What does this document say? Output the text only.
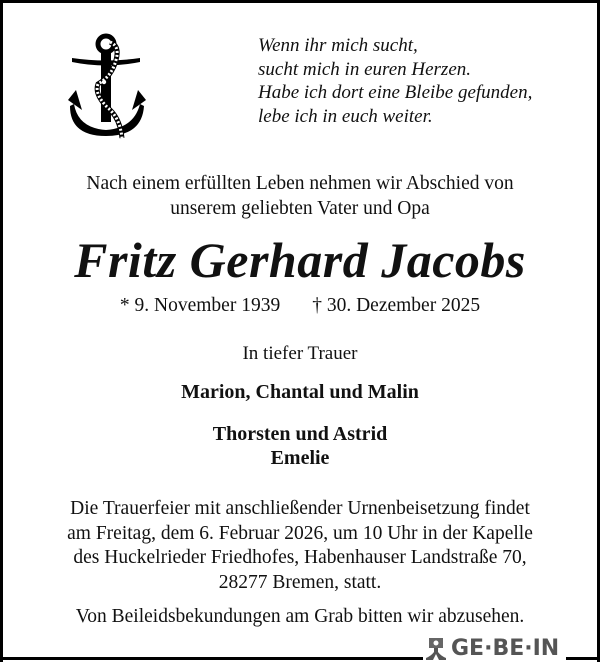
Wenn ihr mich sucht,
sucht mich in euren Herzen.
Habe ich dort eine Bleibe gefunden,
lebe ich in euch weiter.
Nach einem erfüllten Leben nehmen wir Abschied von
unserem geliebten Vater und Opa
Fritz Gerhard Jacobs
* 9. November 1939 † 30. Dezember 2025
In tiefer Trauer
Marion, Chantal und Malin
Thorsten und Astrid
Emelie
Die Trauerfeier mit anschließender Urnenbeisetzung findet
am Freitag, dem 6. Februar 2026, um 10 Uhr in der Kapelle
des Huckelrieder Friedhofes, Habenhauser Landstraße 70,
28277 Bremen, statt.
Von Beileidsbekundungen am Grab bitten wir abzusehen.
GE·BE·IN
